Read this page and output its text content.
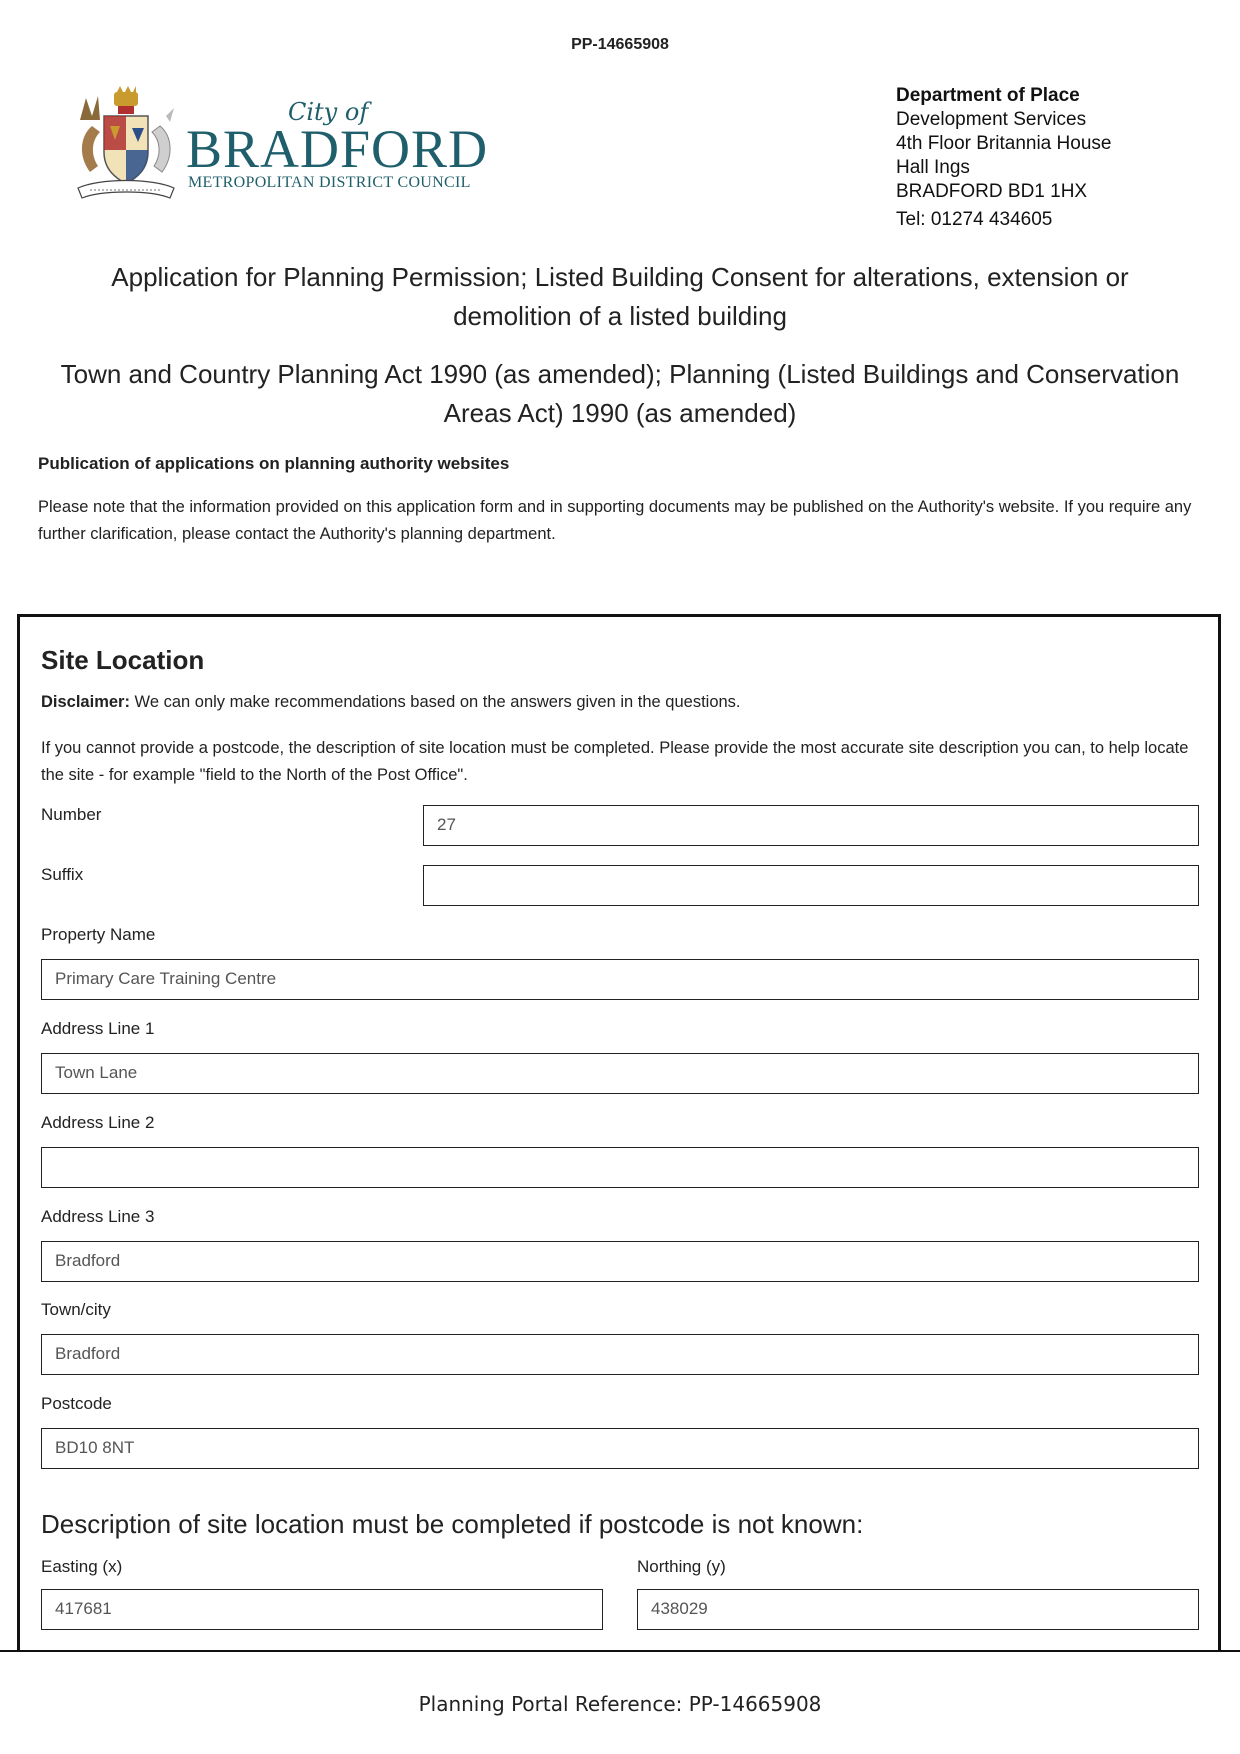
PP-14665908
City of
BRADFORD
METROPOLITAN DISTRICT COUNCIL
Department of Place
Development Services
4th Floor Britannia House
Hall Ings
BRADFORD BD1 1HX
Tel: 01274 434605
Application for Planning Permission; Listed Building Consent for alterations, extension or demolition of a listed building
Town and Country Planning Act 1990 (as amended); Planning (Listed Buildings and Conservation Areas Act) 1990 (as amended)
Publication of applications on planning authority websites
Please note that the information provided on this application form and in supporting documents may be published on the Authority's website. If you require any further clarification, please contact the Authority's planning department.
Site Location
Disclaimer: We can only make recommendations based on the answers given in the questions.
If you cannot provide a postcode, the description of site location must be completed. Please provide the most accurate site description you can, to help locate the site - for example "field to the North of the Post Office".
Number
27
Suffix
Property Name
Primary Care Training Centre
Address Line 1
Town Lane
Address Line 2
Address Line 3
Bradford
Town/city
Bradford
Postcode
BD10 8NT
Description of site location must be completed if postcode is not known:
Easting (x)
417681
Northing (y)
438029
Planning Portal Reference: PP-14665908
